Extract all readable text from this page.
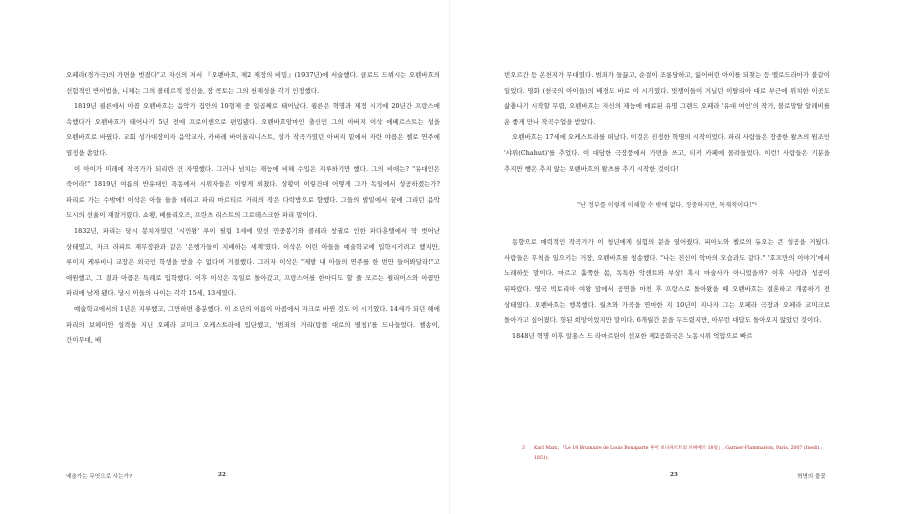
오페라(경가극)의 가면을 벗겼다"고 자신의 저서 『오펜바흐, 제2 제정의 비밀』(1937년)에 서술했다. 클로드 드뷔시는 오펜바흐의 선험적인 반어법을, 니체는 그의 볼테르적 정신을, 장 콕토는 그의 천재성을 각기 인정했다.

1819년 쾰른에서 아콥 오펜바흐는 음악가 집안의 10형제 중 일곱째로 태어났다. 쾰른은 혁명과 제정 시기에 20년간 프랑스에 속했다가 오펜바흐가 태어나기 5년 전에 프로이센으로 편입됐다. 오펜바흐암마인 출신인 그의 아버지 이삭 에베르스트는 성을 오펜바흐로 바꿨다. 교회 성가대장이자 음악교사, 카바레 바이올리니스트, 성가 작곡가였던 아버지 밑에서 자란 야콥은 첼로 연주에 열정을 쏟았다.

이 아이가 미래에 작곡가가 되리란 건 자명했다. 그러나 넘치는 재능에 비해 수입은 지루하기만 했다. 그의 비애는? "유대인은 죽어라!" 1819년 여름의 반유대인 폭동에서 시위자들은 이렇게 외쳤다. 상황이 이렇건대 어떻게 그가 독일에서 성공하겠는가? 파리로 가는 수밖에! 이삭은 아들 둘을 데리고 파리 마르티르 거리의 작은 다락방으로 향했다. 그들의 발밑에서 꿈에 그리던 음악 도시의 선율이 재잘거렸다. 쇼팽, 베를리오즈, 프란츠 리스트의 그로테스크한 파리 말이다.

1832년, 파리는 당시 봉치자였던 '시민왕' 루이 필립 1세에 맞선 민중봉기와 콜레라 창궐로 인한 파다훈텔에서 막 벗어난 상태였고, 자크 라피트 재무장관과 같은 '은행가들이 지배하는 세계'였다. 이삭은 어린 아들을 예술학교에 입학시키려고 했지만, 루이지 케루비니 교장은 외국인 학생을 받을 수 없다며 거절했다. 그러자 이삭은 "제발 내 아들의 연주를 한 번만 들어봐달라!"고 애원했고, 그 결과 아콥은 특례로 입학했다. 이후 이삭은 독일로 돌아갔고, 프랑스어를 한마디도 할 줄 모르는 쥘리어스와 아콥만 파리에 남게 됐다. 당시 이들의 나이는 각각 15세, 13세였다.

예술학교에서의 1년은 지루했고, 그만하면 충분했다. 이 소년의 이름이 아콥에서 자크로 바뀐 것도 이 시기였다. 14세가 되던 해에 파리의 보헤미안 성격을 지닌 오페라 코미크 오케스트라에 입단했고, '범죄의 거리(탕플 대로의 별칭)'를 드나들었다. 첼송이, 간이무대, 배

빈오르간 등 온천지가 무대였다. 범죄가 들끓고, 순결이 조롱당하고, 잃어버린 아이를 되찾는 등 멜로드라마가 불같이 일었다. 영화 (천국의 아이들)의 배경도 바로 이 시기였다. 멋쟁이들이 거닐던 이탈리아 대로 부근에 위치한 이곳도 삶충나기 시작할 무렵, 오펜바흐는 자신의 재능에 매료된 유명 그랜드 오페라 '유대 여인'의 작가, 볼로망탈 알레비를 운 좋게 만나 작곡수업을 받았다.

오펜바흐는 17세에 오케스트라를 떠났다. 이것은 진정한 혁명의 시작이었다. 파리 사람들은 장중한 왈츠의 원조인 '샤위(Chahut)'를 추었다. 이 대담한 극장풍에서 가면을 쓰고, 티키 카페에 몰려들었다. 이런! 사람들은 기분을 추지만 뺑은 추지 않는 오펜바흐의 왈츠를 추기 시작한 것이다!

"난 정부를 이렇게 이해할 수 밖에 없다. 정중하지만, 독재적이다!"³

동향으로 매력적인 작곡가가 이 청년에게 실험의 문을 열어줬다. 피아노와 첼로의 듀오는 큰 성공을 거뒀다. 사람들은 무척을 일으키는 거장, 오펜바흐를 칭송했다. "나는 진신이 악마의 모습과도 같다." '호프만의 이야기'에서 노래하듯 말이다. 마르고 훌쭉한 몸, 독특한 악센트와 부상! 혹시 마술사가 아니었을까? 이후 사랑과 성공이 뒤따랐다. 영국 빅토리아 여왕 앞에서 공연을 마친 후 프랑스로 돌아왔을 때 오펜바흐는 결혼하고 개종하기 전 상태였다. 오펜바흐는 행복했다. 월츠와 가곡을 연마한 지 10년이 지나자 그는 오페라 극장과 오페라 코미크로 돌아가고 싶어졌다. 헛된 희망이었지만 말이다. 6개월간 문을 두드렸지만, 아무런 대답도 돌아오지 않았던 것이다.

1848년 혁명 이후 알퐁스 드 라마르틴이 선포한 제2공화국은 노동시위 억압으로 빠르

3 Karl Marx, 『Le 18 Brumaire de Louis Bonaparte 루이 보나파르트의 브뤼메르 18일』, Garnier-Flammarion, Paris, 2007 (Inedit : 1851).
예술가는 무엇으로 사는가?	22	23	혁명의 물꽃
